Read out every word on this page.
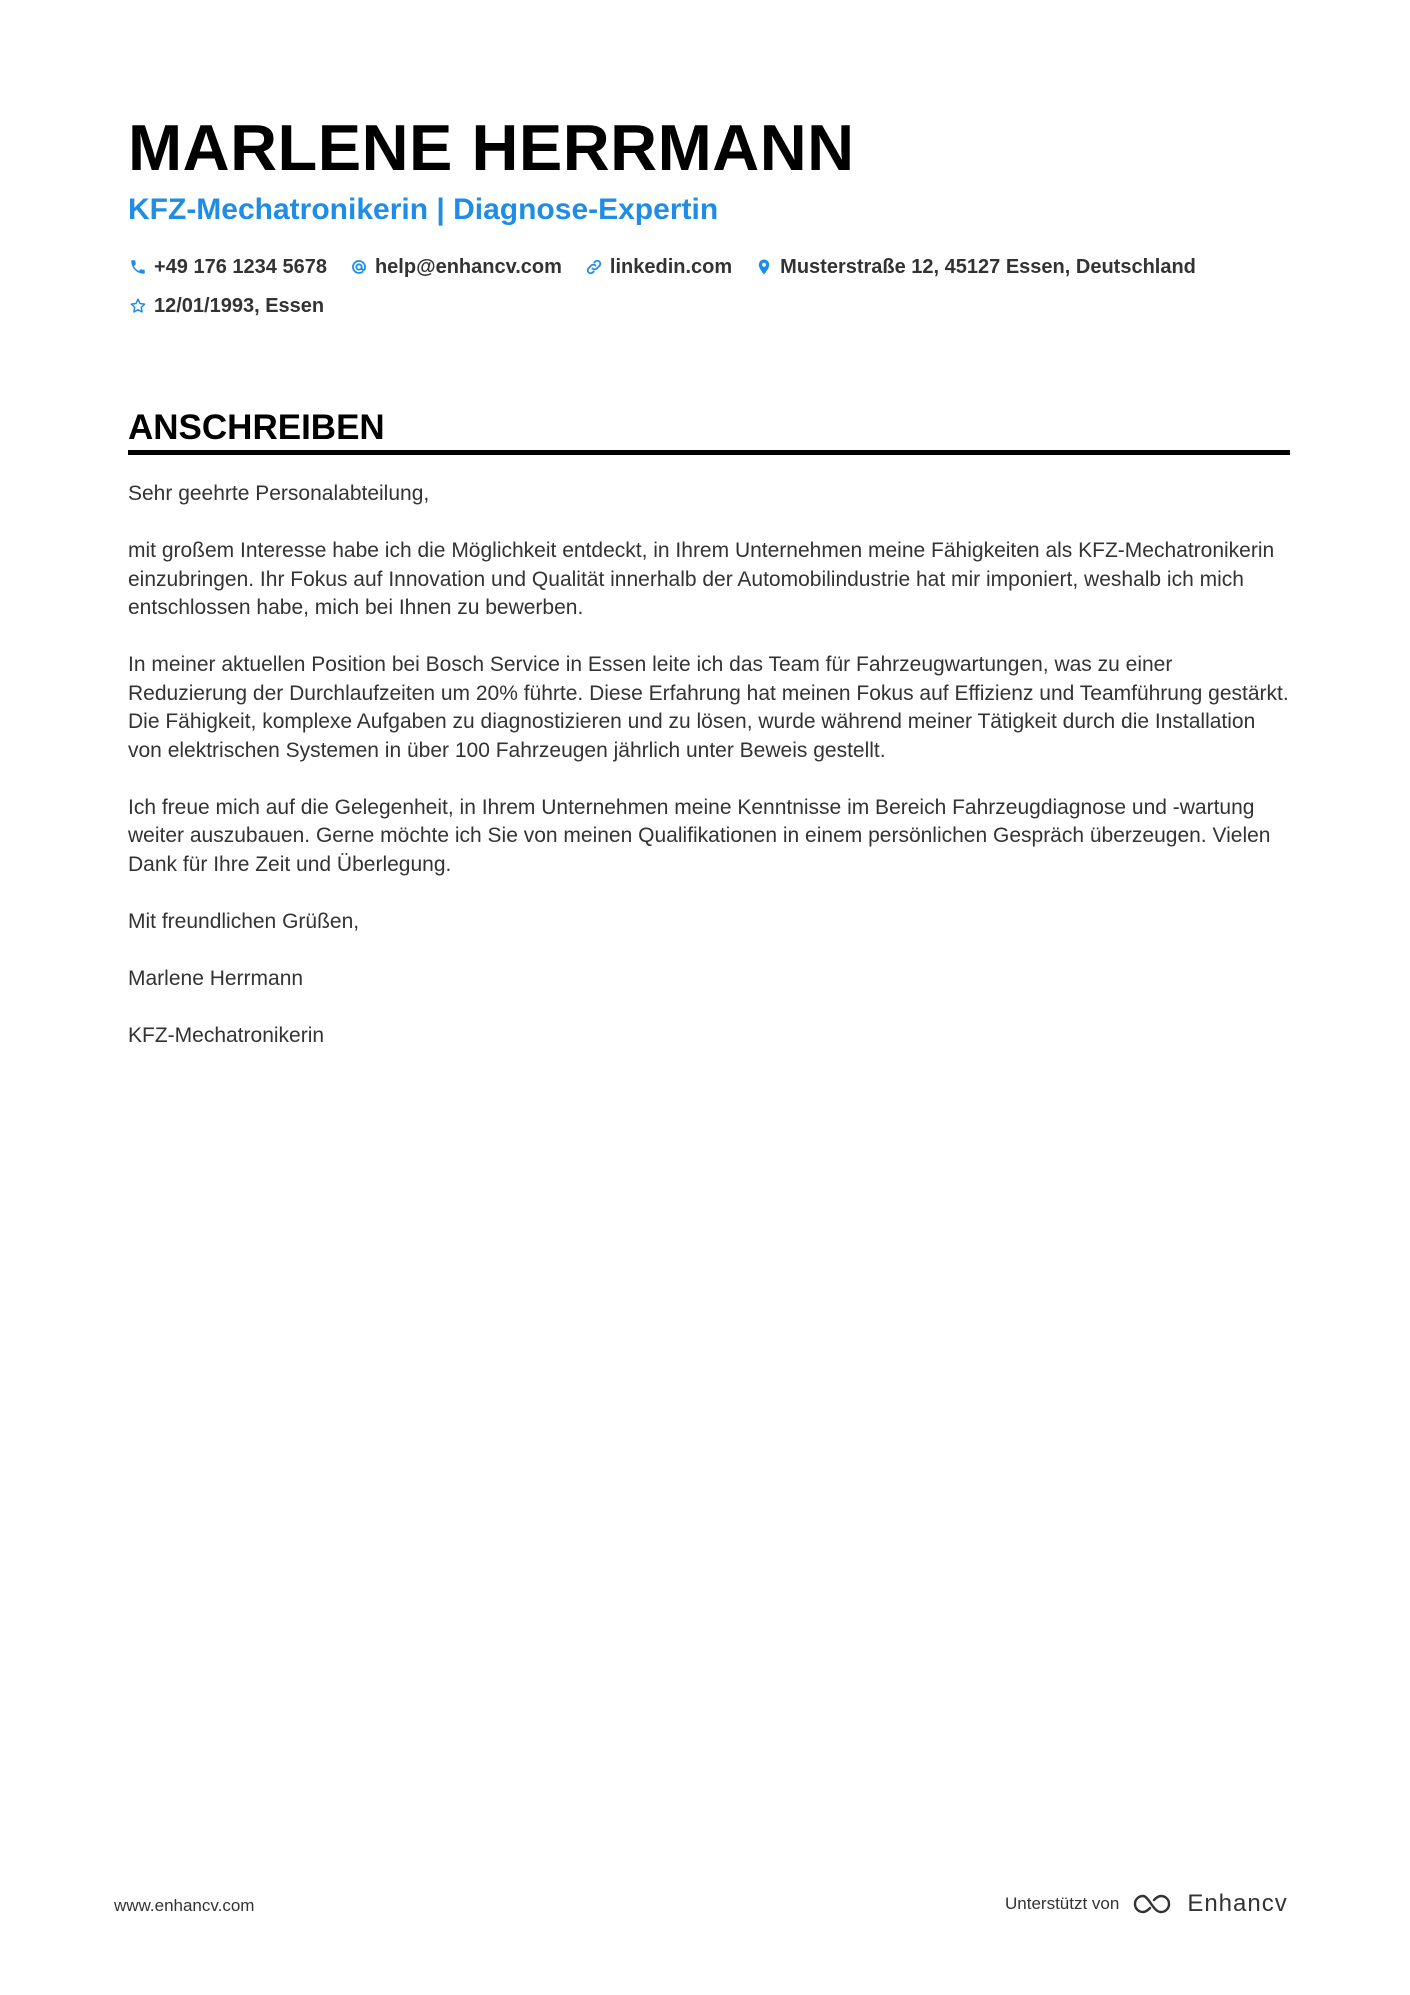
MARLENE HERRMANN
KFZ-Mechatronikerin | Diagnose-Expertin
+49 176 1234 5678 help@enhancv.com linkedin.com Musterstraße 12, 45127 Essen, Deutschland
12/01/1993, Essen
ANSCHREIBEN

Sehr geehrte Personalabteilung,

mit großem Interesse habe ich die Möglichkeit entdeckt, in Ihrem Unternehmen meine Fähigkeiten als KFZ-Mechatronikerin einzubringen. Ihr Fokus auf Innovation und Qualität innerhalb der Automobilindustrie hat mir imponiert, weshalb ich mich entschlossen habe, mich bei Ihnen zu bewerben.

In meiner aktuellen Position bei Bosch Service in Essen leite ich das Team für Fahrzeugwartungen, was zu einer Reduzierung der Durchlaufzeiten um 20% führte. Diese Erfahrung hat meinen Fokus auf Effizienz und Teamführung gestärkt. Die Fähigkeit, komplexe Aufgaben zu diagnostizieren und zu lösen, wurde während meiner Tätigkeit durch die Installation von elektrischen Systemen in über 100 Fahrzeugen jährlich unter Beweis gestellt.

Ich freue mich auf die Gelegenheit, in Ihrem Unternehmen meine Kenntnisse im Bereich Fahrzeugdiagnose und -wartung weiter auszubauen. Gerne möchte ich Sie von meinen Qualifikationen in einem persönlichen Gespräch überzeugen. Vielen Dank für Ihre Zeit und Überlegung.

Mit freundlichen Grüßen,

Marlene Herrmann

KFZ-Mechatronikerin

www.enhancv.com	Unterstützt von	Enhancv
